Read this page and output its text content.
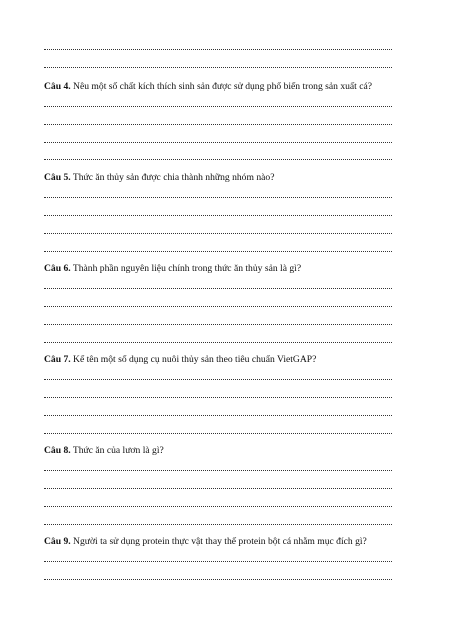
Câu 4. Nêu một số chất kích thích sinh sản được sử dụng phổ biến trong sản xuất cá?
Câu 5. Thức ăn thủy sản được chia thành những nhóm nào?
Câu 6. Thành phần nguyên liệu chính trong thức ăn thủy sản là gì?
Câu 7. Kể tên một số dụng cụ nuôi thủy sản theo tiêu chuẩn VietGAP?
Câu 8. Thức ăn của lươn là gì?
Câu 9. Người ta sử dụng protein thực vật thay thế protein bột cá nhằm mục đích gì?
